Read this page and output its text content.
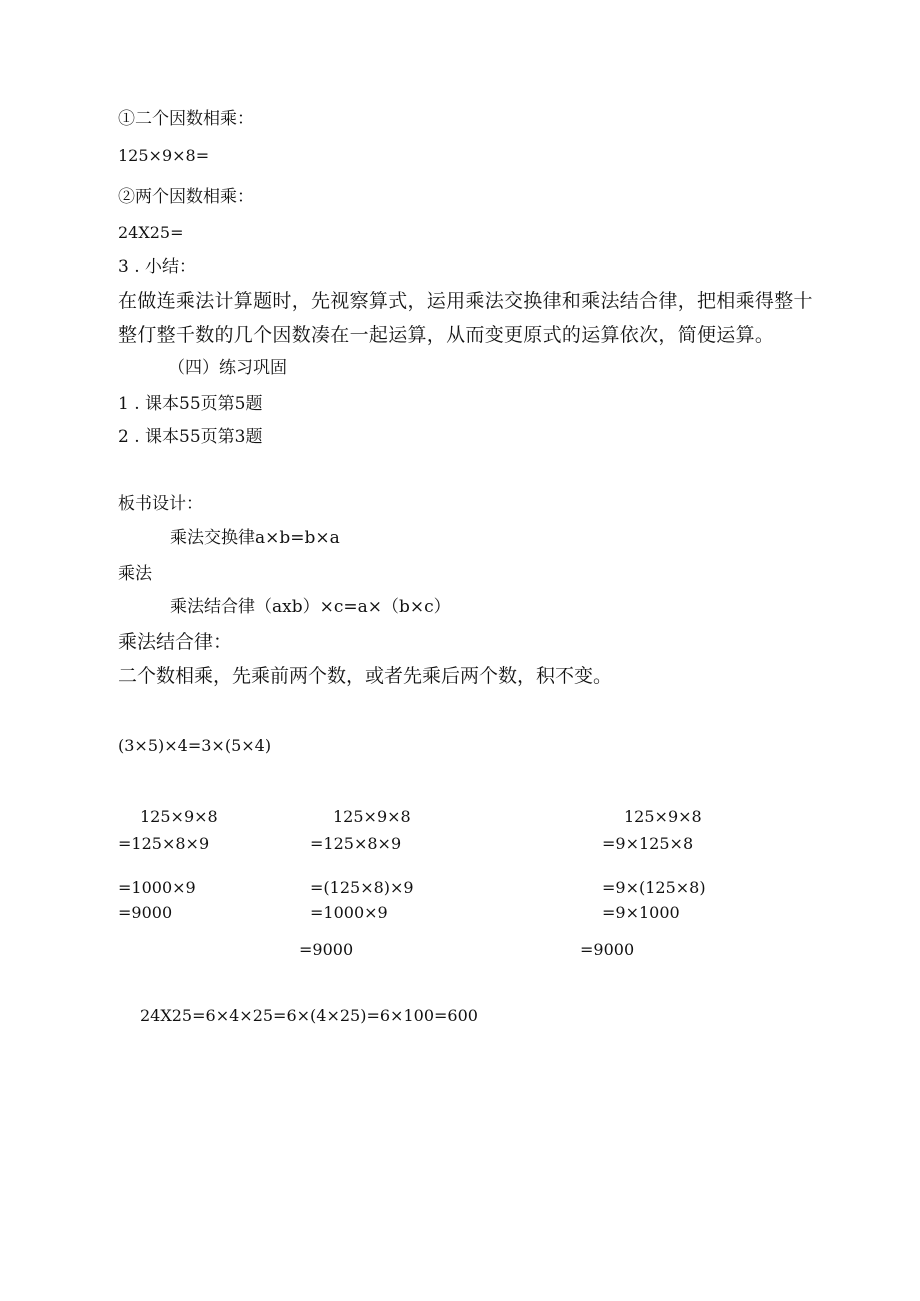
①二个因数相乘：
125×9×8=
②两个因数相乘：
24X25=
3 . 小结：
在做连乘法计算题时，先视察算式，运用乘法交换律和乘法结合律，把相乘得整十
整仃整千数的几个因数凑在一起运算，从而变更原式的运算依次，简便运算。
（四）练习巩固
1 . 课本55页第5题
2 . 课本55页第3题
板书设计：
乘法交换律a×b=b×a
乘法
乘法结合律（axb）×c=a×（b×c）
乘法结合律：
二个数相乘，先乘前两个数，或者先乘后两个数，积不变。
(3×5)×4=3×(5×4)
125×9×8
=125×8×9
=1000×9
=9000
125×9×8
=125×8×9
=(125×8)×9
=1000×9
=9000
125×9×8
=9×125×8
=9×(125×8)
=9×1000
=9000
24X25=6×4×25=6×(4×25)=6×100=600
